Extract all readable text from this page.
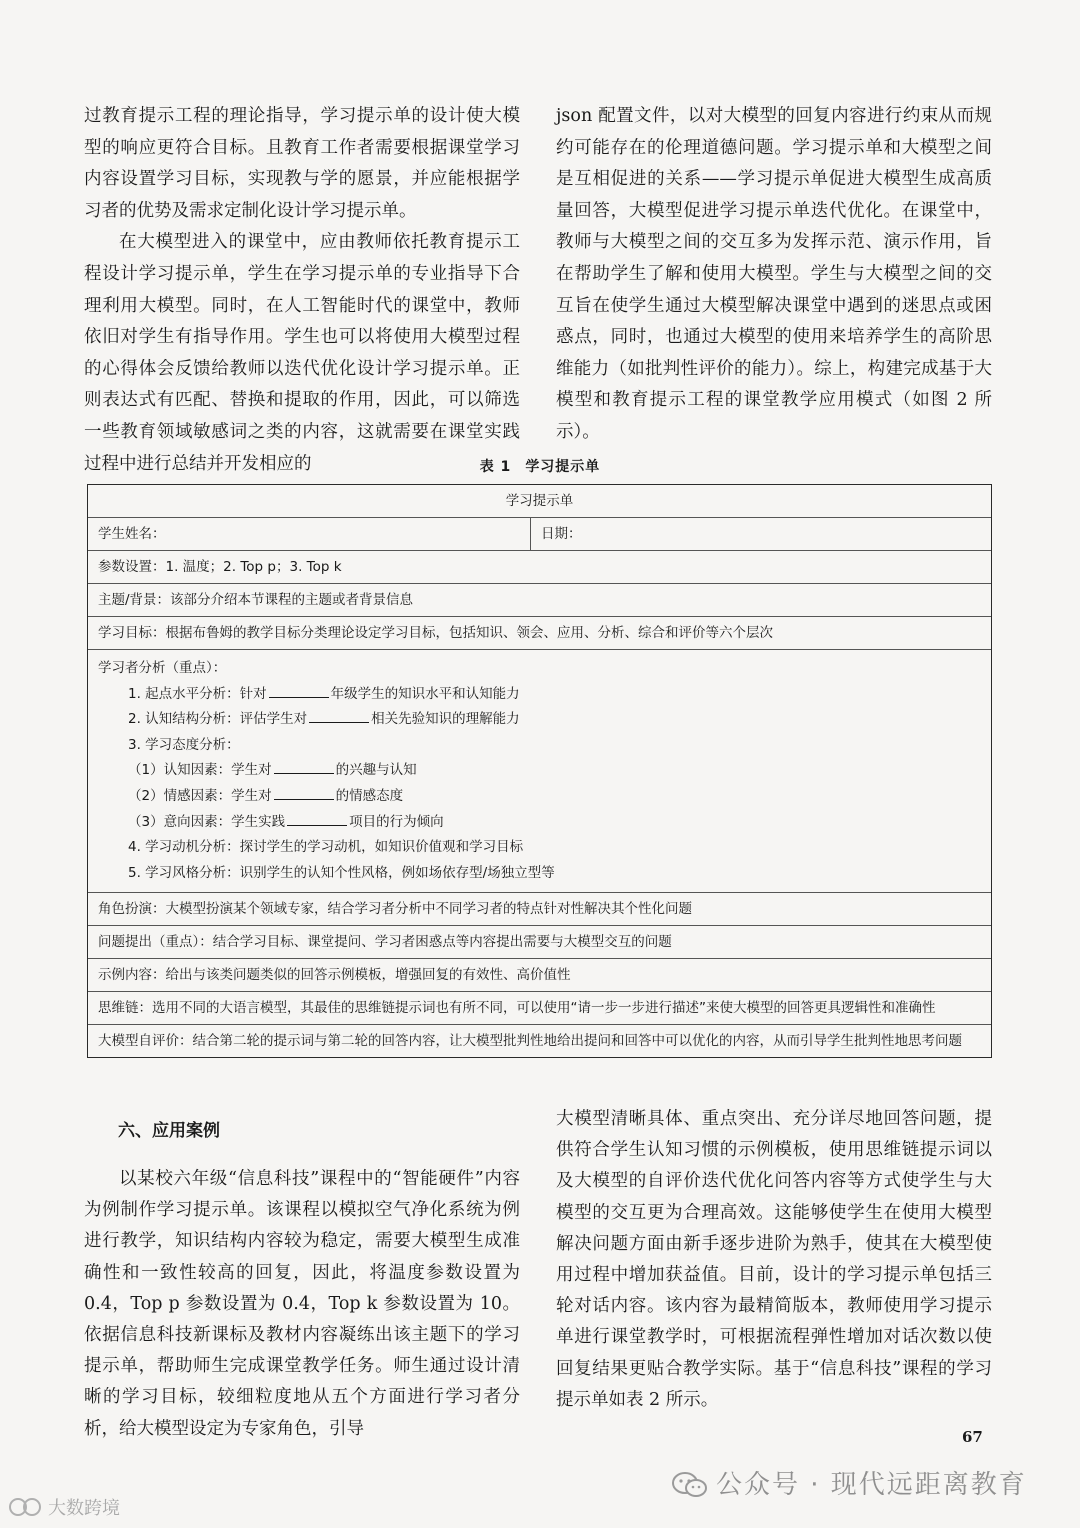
过教育提示工程的理论指导，学习提示单的设计使大模型的响应更符合目标。且教育工作者需要根据课堂学习内容设置学习目标，实现教与学的愿景，并应能根据学习者的优势及需求定制化设计学习提示单。

在大模型进入的课堂中，应由教师依托教育提示工程设计学习提示单，学生在学习提示单的专业指导下合理利用大模型。同时，在人工智能时代的课堂中，教师依旧对学生有指导作用。学生也可以将使用大模型过程的心得体会反馈给教师以迭代优化设计学习提示单。正则表达式有匹配、替换和提取的作用，因此，可以筛选一些教育领域敏感词之类的内容，这就需要在课堂实践过程中进行总结并开发相应的

json 配置文件，以对大模型的回复内容进行约束从而规约可能存在的伦理道德问题。学习提示单和大模型之间是互相促进的关系——学习提示单促进大模型生成高质量回答，大模型促进学习提示单迭代优化。在课堂中，教师与大模型之间的交互多为发挥示范、演示作用，旨在帮助学生了解和使用大模型。学生与大模型之间的交互旨在使学生通过大模型解决课堂中遇到的迷思点或困惑点，同时，也通过大模型的使用来培养学生的高阶思维能力（如批判性评价的能力）。综上，构建完成基于大模型和教育提示工程的课堂教学应用模式（如图 2 所示）。

表 1 学习提示单
学习提示单
学生姓名：	日期：
参数设置：1. 温度；2. Top p；3. Top k
主题/背景：该部分介绍本节课程的主题或者背景信息
学习目标：根据布鲁姆的教学目标分类理论设定学习目标，包括知识、领会、应用、分析、综合和评价等六个层次
学习者分析（重点）：
1. 起点水平分析：针对	年级学生的知识水平和认知能力
2. 认知结构分析：评估学生对	相关先验知识的理解能力
3. 学习态度分析：
（1）认知因素：学生对	的兴趣与认知
（2）情感因素：学生对	的情感态度
（3）意向因素：学生实践	项目的行为倾向
4. 学习动机分析：探讨学生的学习动机，如知识价值观和学习目标
5. 学习风格分析：识别学生的认知个性风格，例如场依存型/场独立型等
角色扮演：大模型扮演某个领域专家，结合学习者分析中不同学习者的特点针对性解决其个性化问题
问题提出（重点）：结合学习目标、课堂提问、学习者困惑点等内容提出需要与大模型交互的问题
示例内容：给出与该类问题类似的回答示例模板，增强回复的有效性、高价值性
思维链：选用不同的大语言模型，其最佳的思维链提示词也有所不同，可以使用“请一步一步进行描述”来使大模型的回答更具逻辑性和准确性
大模型自评价：结合第二轮的提示词与第二轮的回答内容，让大模型批判性地给出提问和回答中可以优化的内容，从而引导学生批判性地思考问题
六、应用案例

以某校六年级“信息科技”课程中的“智能硬件”内容为例制作学习提示单。该课程以模拟空气净化系统为例进行教学，知识结构内容较为稳定，需要大模型生成准确性和一致性较高的回复，因此，将温度参数设置为 0.4，Top p 参数设置为 0.4，Top k 参数设置为 10。依据信息科技新课标及教材内容凝练出该主题下的学习提示单，帮助师生完成课堂教学任务。师生通过设计清晰的学习目标，较细粒度地从五个方面进行学习者分析，给大模型设定为专家角色，引导

大模型清晰具体、重点突出、充分详尽地回答问题，提供符合学生认知习惯的示例模板，使用思维链提示词以及大模型的自评价迭代优化问答内容等方式使学生与大模型的交互更为合理高效。这能够使学生在使用大模型解决问题方面由新手逐步进阶为熟手，使其在大模型使用过程中增加获益值。目前，设计的学习提示单包括三轮对话内容。该内容为最精简版本，教师使用学习提示单进行课堂教学时，可根据流程弹性增加对话次数以使回复结果更贴合教学实际。基于“信息科技”课程的学习提示单如表 2 所示。

67
公众号 · 现代远距离教育
大数跨境
